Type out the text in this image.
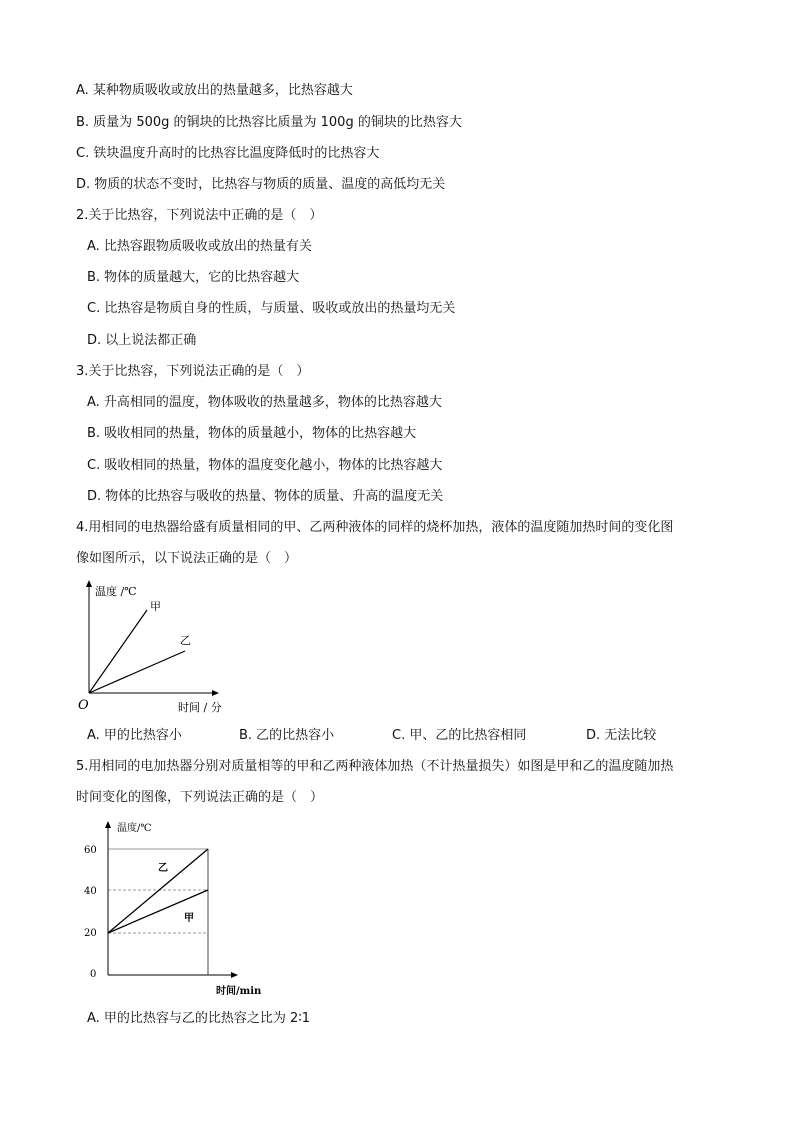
A. 某种物质吸收或放出的热量越多，比热容越大
B. 质量为 500g 的铜块的比热容比质量为 100g 的铜块的比热容大
C. 铁块温度升高时的比热容比温度降低时的比热容大
D. 物质的状态不变时，比热容与物质的质量、温度的高低均无关
2.关于比热容，下列说法中正确的是（　）
A. 比热容跟物质吸收或放出的热量有关
B. 物体的质量越大，它的比热容越大
C. 比热容是物质自身的性质，与质量、吸收或放出的热量均无关
D. 以上说法都正确
3.关于比热容，下列说法正确的是（　）
A. 升高相同的温度，物体吸收的热量越多，物体的比热容越大
B. 吸收相同的热量，物体的质量越小，物体的比热容越大
C. 吸收相同的热量，物体的温度变化越小，物体的比热容越大
D. 物体的比热容与吸收的热量、物体的质量、升高的温度无关
4.用相同的电热器给盛有质量相同的甲、乙两种液体的同样的烧杯加热，液体的温度随加热时间的变化图
像如图所示，以下说法正确的是（　）
温度 /℃
甲
乙
O	时间 / 分
A. 甲的比热容小	B. 乙的比热容小	C. 甲、乙的比热容相同	D. 无法比较
5.用相同的电加热器分别对质量相等的甲和乙两种液体加热（不计热量损失）如图是甲和乙的温度随加热
时间变化的图像，下列说法正确的是（　）
温度/℃
60
40
20
0
乙
甲
时间/min
A. 甲的比热容与乙的比热容之比为 2∶1
